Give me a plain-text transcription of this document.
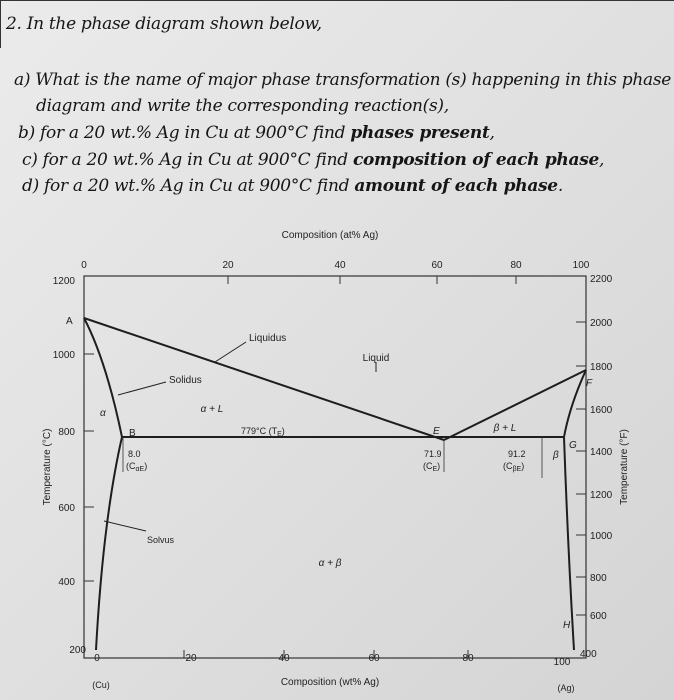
2. In the phase diagram shown below,
a) What is the name of major phase transformation (s) happening in this phase
diagram and write the corresponding reaction(s),
b) for a 20 wt.% Ag in Cu at 900°C find phases present,
c) for a 20 wt.% Ag in Cu at 900°C find composition of each phase,
d) for a 20 wt.% Ag in Cu at 900°C find amount of each phase.
Composition (at% Ag)
Composition (wt% Ag)
Temperature (°C)	Temperature (°F)
0	20	40	60	80	100
0	20	40	60	80	100
(Cu)	(Ag)
1200
1000
800
600
400
200
2200
2000
1800
1600
1400
1200
1000
800
600
400
Liquidus
Liquid
Solidus
α + L
β + L
α
β
Solvus
α + β
A
B	E
F
G
H
779°C $(T_E)$
8.0
$(C_{\alpha E})$
71.9
$(C_E)$
91.2
$(C_{\beta E})$
